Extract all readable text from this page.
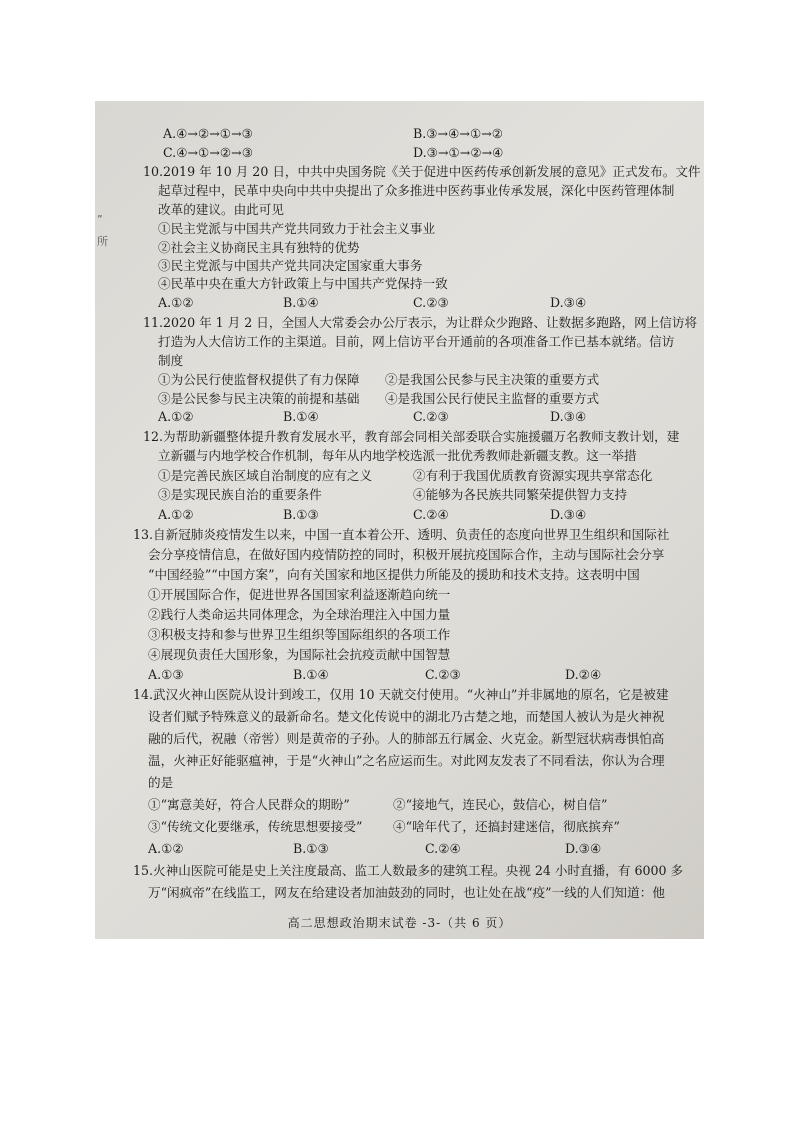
”
所
A.④→②→①→③	B.③→④→①→②
C.④→①→②→③	D.③→①→②→④
10.2019 年 10 月 20 日，中共中央国务院《关于促进中医药传承创新发展的意见》正式发布。文件
起草过程中，民革中央向中共中央提出了众多推进中医药事业传承发展，深化中医药管理体制
改革的建议。由此可见
①民主党派与中国共产党共同致力于社会主义事业
②社会主义协商民主具有独特的优势
③民主党派与中国共产党共同决定国家重大事务
④民革中央在重大方针政策上与中国共产党保持一致
A.①②	B.①④	C.②③	D.③④
11.2020 年 1 月 2 日，全国人大常委会办公厅表示，为让群众少跑路、让数据多跑路，网上信访将
打造为人大信访工作的主渠道。目前，网上信访平台开通前的各项准备工作已基本就绪。信访
制度
①为公民行使监督权提供了有力保障 ②是我国公民参与民主决策的重要方式
③是公民参与民主决策的前提和基础 ④是我国公民行使民主监督的重要方式
A.①②	B.①④	C.②③	D.③④
12.为帮助新疆整体提升教育发展水平，教育部会同相关部委联合实施援疆万名教师支教计划，建
立新疆与内地学校合作机制，每年从内地学校选派一批优秀教师赴新疆支教。这一举措
①是完善民族区域自治制度的应有之义	②有利于我国优质教育资源实现共享常态化
③是实现民族自治的重要条件	④能够为各民族共同繁荣提供智力支持
A.①②	B.①③	C.②④	D.③④
13.自新冠肺炎疫情发生以来，中国一直本着公开、透明、负责任的态度向世界卫生组织和国际社
会分享疫情信息，在做好国内疫情防控的同时，积极开展抗疫国际合作，主动与国际社会分享
“中国经验”“中国方案”，向有关国家和地区提供力所能及的援助和技术支持。这表明中国
①开展国际合作，促进世界各国国家利益逐渐趋向统一
②践行人类命运共同体理念，为全球治理注入中国力量
③积极支持和参与世界卫生组织等国际组织的各项工作
④展现负责任大国形象，为国际社会抗疫贡献中国智慧
A.①③	B.①④	C.②③	D.②④
14.武汉火神山医院从设计到竣工，仅用 10 天就交付使用。“火神山”并非属地的原名，它是被建
设者们赋予特殊意义的最新命名。楚文化传说中的湖北乃古楚之地，而楚国人被认为是火神祝
融的后代，祝融（帝喾）则是黄帝的子孙。人的肺部五行属金、火克金。新型冠状病毒惧怕高
温，火神正好能驱瘟神，于是“火神山”之名应运而生。对此网友发表了不同看法，你认为合理
的是
①“寓意美好，符合人民群众的期盼”	②“接地气，连民心，鼓信心，树自信”
③“传统文化要继承，传统思想要接受” ④“啥年代了，还搞封建迷信，彻底摈弃”
A.①②	B.①③	C.②④	D.③④
15.火神山医院可能是史上关注度最高、监工人数最多的建筑工程。央视 24 小时直播，有 6000 多
万“闲疯帝”在线监工，网友在给建设者加油鼓劲的同时，也让处在战“疫”一线的人们知道：他
高二思想政治期末试卷 -3-（共 6 页）
